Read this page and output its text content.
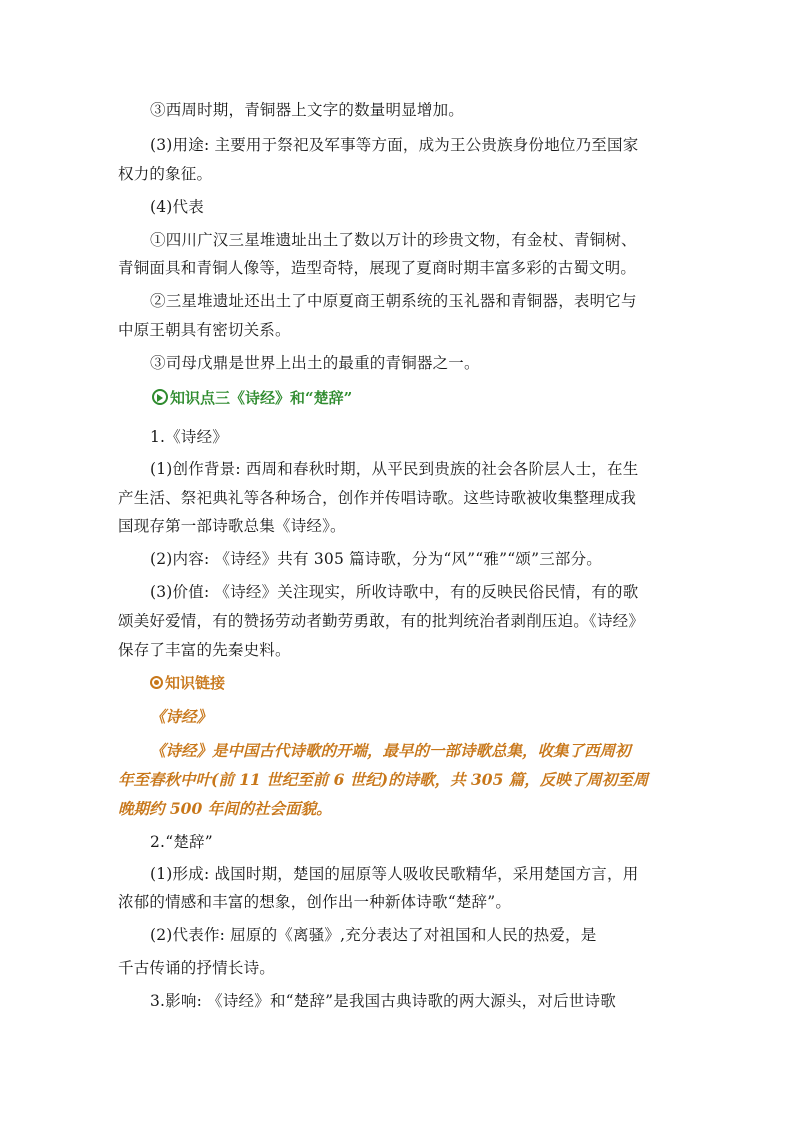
③西周时期，青铜器上文字的数量明显增加。
(3)用途: 主要用于祭祀及军事等方面，成为王公贵族身份地位乃至国家
权力的象征。
(4)代表
①四川广汉三星堆遗址出土了数以万计的珍贵文物，有金杖、青铜树、
青铜面具和青铜人像等，造型奇特，展现了夏商时期丰富多彩的古蜀文明。
②三星堆遗址还出土了中原夏商王朝系统的玉礼器和青铜器，表明它与
中原王朝具有密切关系。
③司母戊鼎是世界上出土的最重的青铜器之一。
知识点三《诗经》和“楚辞”
1.《诗经》
(1)创作背景: 西周和春秋时期，从平民到贵族的社会各阶层人士，在生
产生活、祭祀典礼等各种场合，创作并传唱诗歌。这些诗歌被收集整理成我
国现存第一部诗歌总集《诗经》。
(2)内容: 《诗经》共有 305 篇诗歌，分为“风”“雅”“颂”三部分。
(3)价值: 《诗经》关注现实，所收诗歌中，有的反映民俗民情，有的歌
颂美好爱情，有的赞扬劳动者勤劳勇敢，有的批判统治者剥削压迫。《诗经》
保存了丰富的先秦史料。
知识链接
《诗经》
《诗经》是中国古代诗歌的开端，最早的一部诗歌总集，收集了西周初
年至春秋中叶(前 11 世纪至前 6 世纪)的诗歌，共 305 篇，反映了周初至周
晚期约 500 年间的社会面貌。
2.“楚辞”
(1)形成: 战国时期，楚国的屈原等人吸收民歌精华，采用楚国方言，用
浓郁的情感和丰富的想象，创作出一种新体诗歌“楚辞”。
(2)代表作: 屈原的《离骚》,充分表达了对祖国和人民的热爱，是
千古传诵的抒情长诗。
3.影响: 《诗经》和“楚辞”是我国古典诗歌的两大源头，对后世诗歌
